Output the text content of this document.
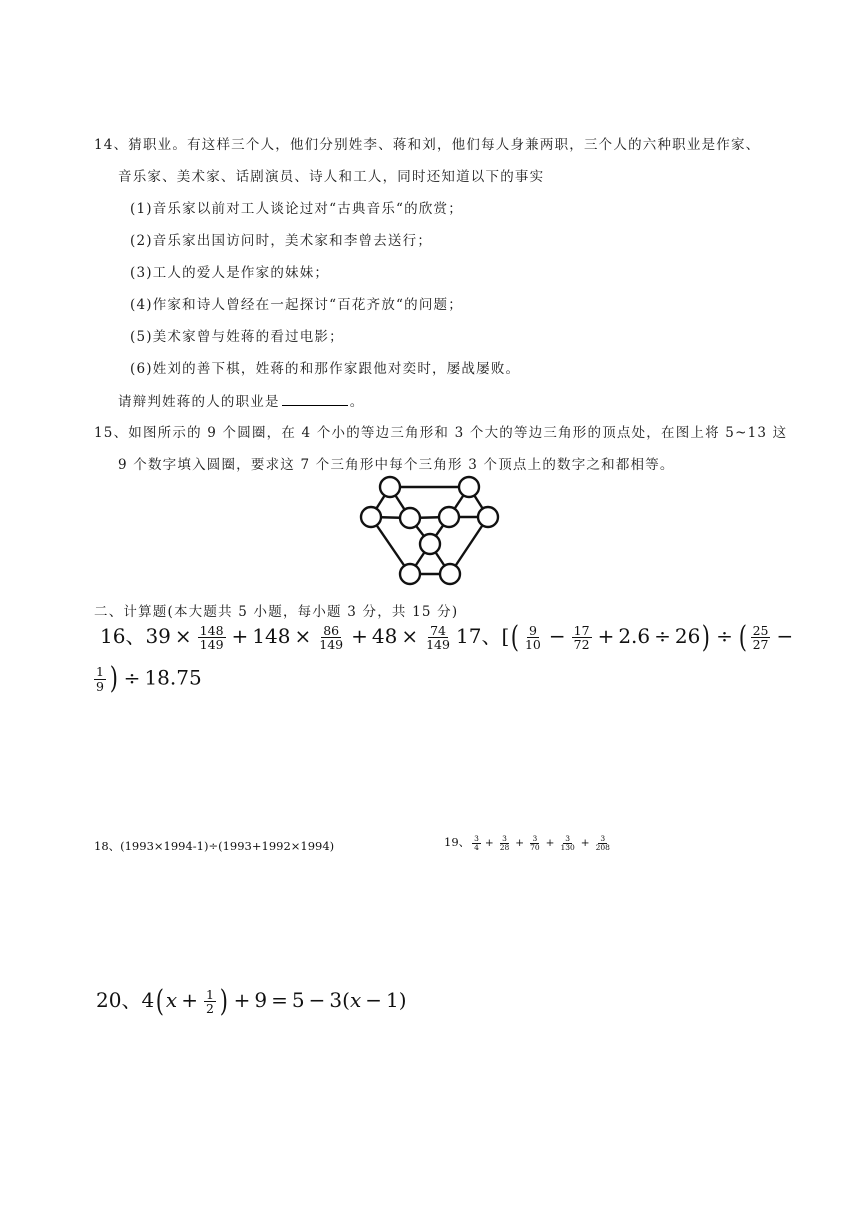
14、猜职业。有这样三个人，他们分别姓李、蒋和刘，他们每人身兼两职，三个人的六种职业是作家、
音乐家、美术家、话剧演员、诗人和工人，同时还知道以下的事实
(1)音乐家以前对工人谈论过对“古典音乐“的欣赏；
(2)音乐家出国访问时，美术家和李曾去送行；
(3)工人的爱人是作家的妹妹；
(4)作家和诗人曾经在一起探讨“百花齐放“的问题；
(5)美术家曾与姓蒋的看过电影；
(6)姓刘的善下棋，姓蒋的和那作家跟他对奕时，屡战屡败。
请辩判姓蒋的人的职业是	。
15、如图所示的 9 个圆圈，在 4 个小的等边三角形和 3 个大的等边三角形的顶点处，在图上将 5~13 这
9 个数字填入圆圈，要求这 7 个三角形中每个三角形 3 个顶点上的数字之和都相等。
二、计算题(本大题共 5 小题，每小题 3 分，共 15 分)
16、$39 \times \frac{148}{149} + 148 \times \frac{86}{149} + 48 \times \frac{74}{149} 17$、[( $\frac{9}{10} - \frac{17}{72} + 2.6 \div 26$) ÷ ( $\frac{25}{27}$ −
$\frac{1}{9}$ ) ÷ 18.75
18、(1993×1994-1)÷(1993+1992×1994)	19、 $\frac{3}{4} + \frac{3}{28} + \frac{3}{70} + \frac{3}{130} + \frac{3}{208}$
20、$4(x + \frac{1}{2}$ ) + 9 = 5 − 3(x − 1)
